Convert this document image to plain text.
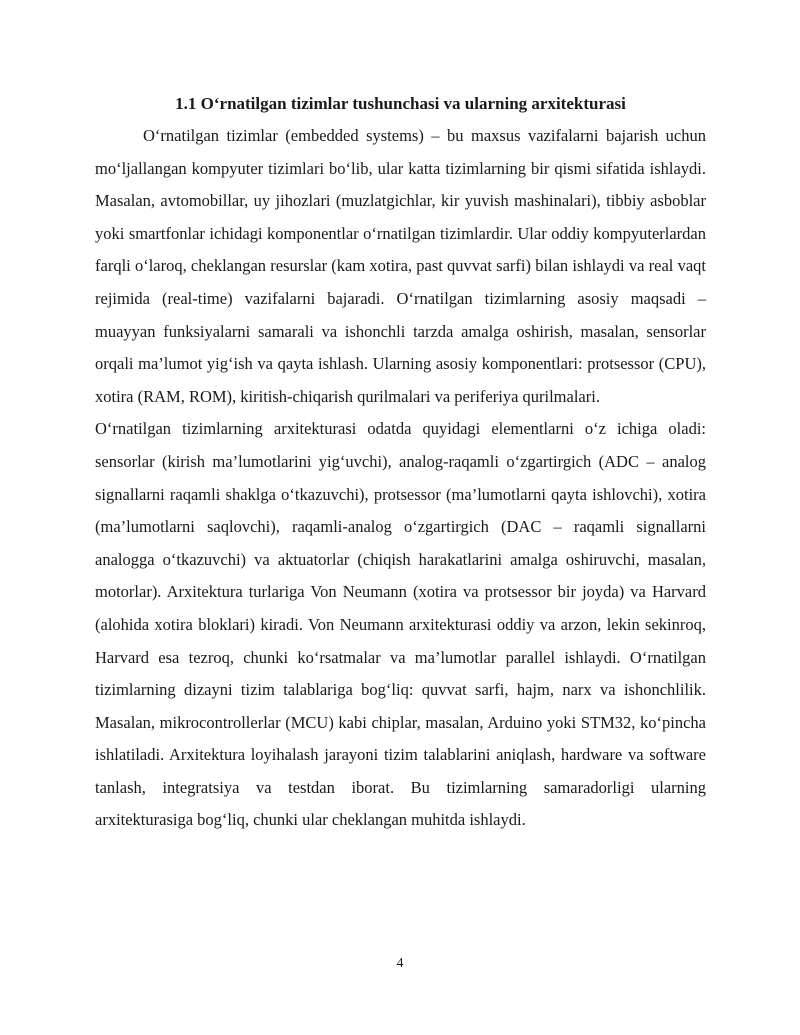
1.1 O‘rnatilgan tizimlar tushunchasi va ularning arxitekturasi

O‘rnatilgan tizimlar (embedded systems) – bu maxsus vazifalarni bajarish uchun mo‘ljallangan kompyuter tizimlari bo‘lib, ular katta tizimlarning bir qismi sifatida ishlaydi. Masalan, avtomobillar, uy jihozlari (muzlatgichlar, kir yuvish mashinalari), tibbiy asboblar yoki smartfonlar ichidagi komponentlar o‘rnatilgan tizimlardir. Ular oddiy kompyuterlardan farqli o‘laroq, cheklangan resurslar (kam xotira, past quvvat sarfi) bilan ishlaydi va real vaqt rejimida (real-time) vazifalarni bajaradi. O‘rnatilgan tizimlarning asosiy maqsadi – muayyan funksiyalarni samarali va ishonchli tarzda amalga oshirish, masalan, sensorlar orqali ma’lumot yig‘ish va qayta ishlash. Ularning asosiy komponentlari: protsessor (CPU), xotira (RAM, ROM), kiritish-chiqarish qurilmalari va periferiya qurilmalari.

O‘rnatilgan tizimlarning arxitekturasi odatda quyidagi elementlarni o‘z ichiga oladi: sensorlar (kirish ma’lumotlarini yig‘uvchi), analog-raqamli o‘zgartirgich (ADC – analog signallarni raqamli shaklga o‘tkazuvchi), protsessor (ma’lumotlarni qayta ishlovchi), xotira (ma’lumotlarni saqlovchi), raqamli-analog o‘zgartirgich (DAC – raqamli signallarni analogga o‘tkazuvchi) va aktuatorlar (chiqish harakatlarini amalga oshiruvchi, masalan, motorlar). Arxitektura turlariga Von Neumann (xotira va protsessor bir joyda) va Harvard (alohida xotira bloklari) kiradi. Von Neumann arxitekturasi oddiy va arzon, lekin sekinroq, Harvard esa tezroq, chunki ko‘rsatmalar va ma’lumotlar parallel ishlaydi. O‘rnatilgan tizimlarning dizayni tizim talablariga bog‘liq: quvvat sarfi, hajm, narx va ishonchlilik. Masalan, mikrocontrollerlar (MCU) kabi chiplar, masalan, Arduino yoki STM32, ko‘pincha ishlatiladi. Arxitektura loyihalash jarayoni tizim talablarini aniqlash, hardware va software tanlash, integratsiya va testdan iborat. Bu tizimlarning samaradorligi ularning arxitekturasiga bog‘liq, chunki ular cheklangan muhitda ishlaydi.

4
